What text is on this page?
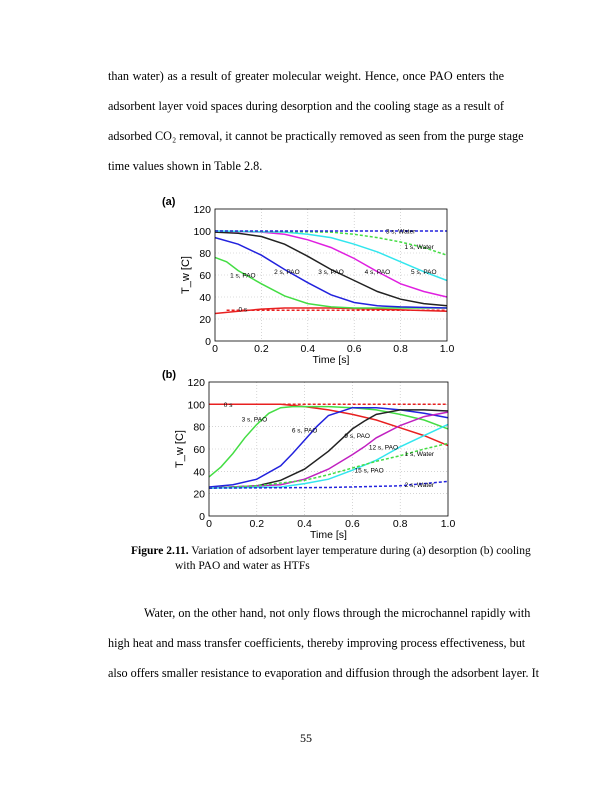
than water) as a result of greater molecular weight. Hence, once PAO enters the
adsorbent layer void spaces during desorption and the cooling stage as a result of
adsorbed CO₂ removal, it cannot be practically removed as seen from the purge stage
time values shown in Table 2.8.
(a)
0
20
40
60
80
100
120
0	0.2	0.4	0.6	0.8	1.0
3 s, Water
1 s, Water
1 s, PAO	2 s, PAO	3 s, PAO	4 s, PAO	5 s, PAO
0 s
Time [s]
T_w [C]
(b)
0
20
40
60
80
100
120
0	0.2	0.4	0.6	0.8	1.0
0 s
3 s, PAO
6 s, PAO
9 s, PAO
12 s, PAO
1 s, Water
15 s, PAO
2 s, Water
Time [s]
T_w [C]
Figure 2.11. Variation of adsorbent layer temperature during (a) desorption (b) cooling
with PAO and water as HTFs
Water, on the other hand, not only flows through the microchannel rapidly with
high heat and mass transfer coefficients, thereby improving process effectiveness, but
also offers smaller resistance to evaporation and diffusion through the adsorbent layer. It
55
